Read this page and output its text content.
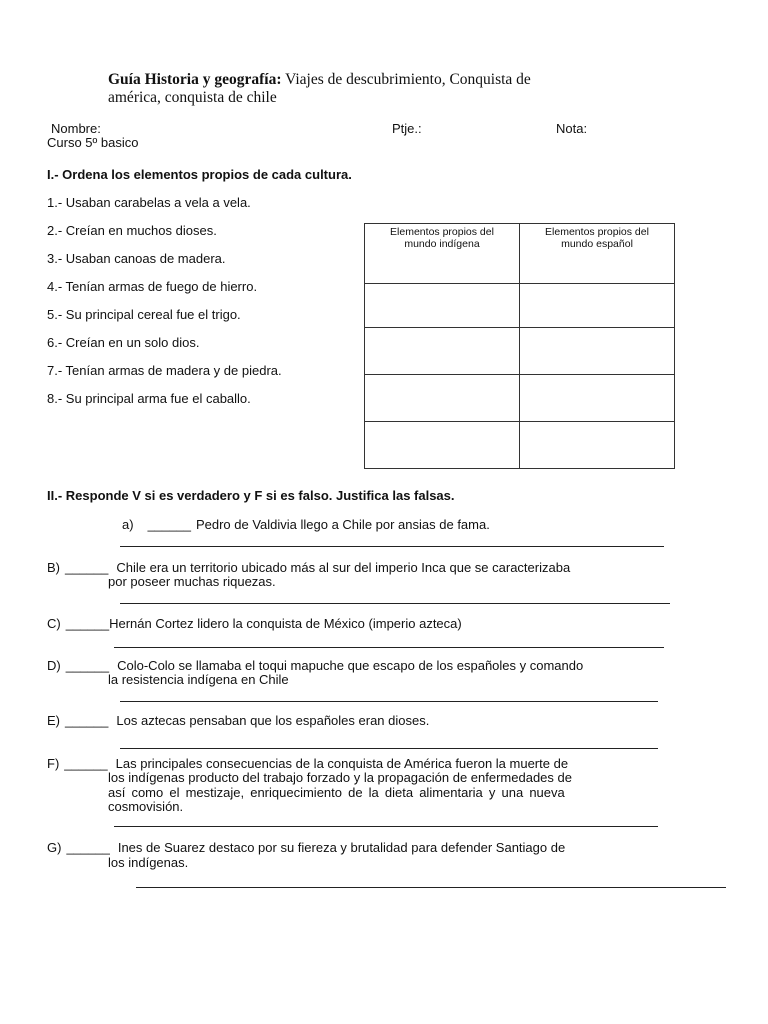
Guía Historia y geografía: Viajes de descubrimiento, Conquista de
américa, conquista de chile
Nombre:	Ptje.:	Nota:
Curso 5º basico
I.- Ordena los elementos propios de cada cultura.
1.- Usaban carabelas a vela a vela.
2.- Creían en muchos dioses.
3.- Usaban canoas de madera.
4.- Tenían armas de fuego de hierro.
5.- Su principal cereal fue el trigo.
6.- Creían en un solo dios.
7.- Tenían armas de madera y de piedra.
8.- Su principal arma fue el caballo.
Elementos propios del mundo indígena	Elementos propios del mundo español

II.- Responde V si es verdadero y F si es falso. Justifica las falsas.
a) ______ Pedro de Valdivia llego a Chile por ansias de fama.
B) ______ Chile era un territorio ubicado más al sur del imperio Inca que se caracterizaba
por poseer muchas riquezas.
C) ______Hernán Cortez lidero la conquista de México (imperio azteca)
D) ______ Colo-Colo se llamaba el toqui mapuche que escapo de los españoles y comando
la resistencia indígena en Chile
E) ______ Los aztecas pensaban que los españoles eran dioses.
F) ______ Las principales consecuencias de la conquista de América fueron la muerte de
los indígenas producto del trabajo forzado y la propagación de enfermedades de
así como el mestizaje, enriquecimiento de la dieta alimentaria y una nueva
cosmovisión.
G) ______ Ines de Suarez destaco por su fiereza y brutalidad para defender Santiago de
los indígenas.
